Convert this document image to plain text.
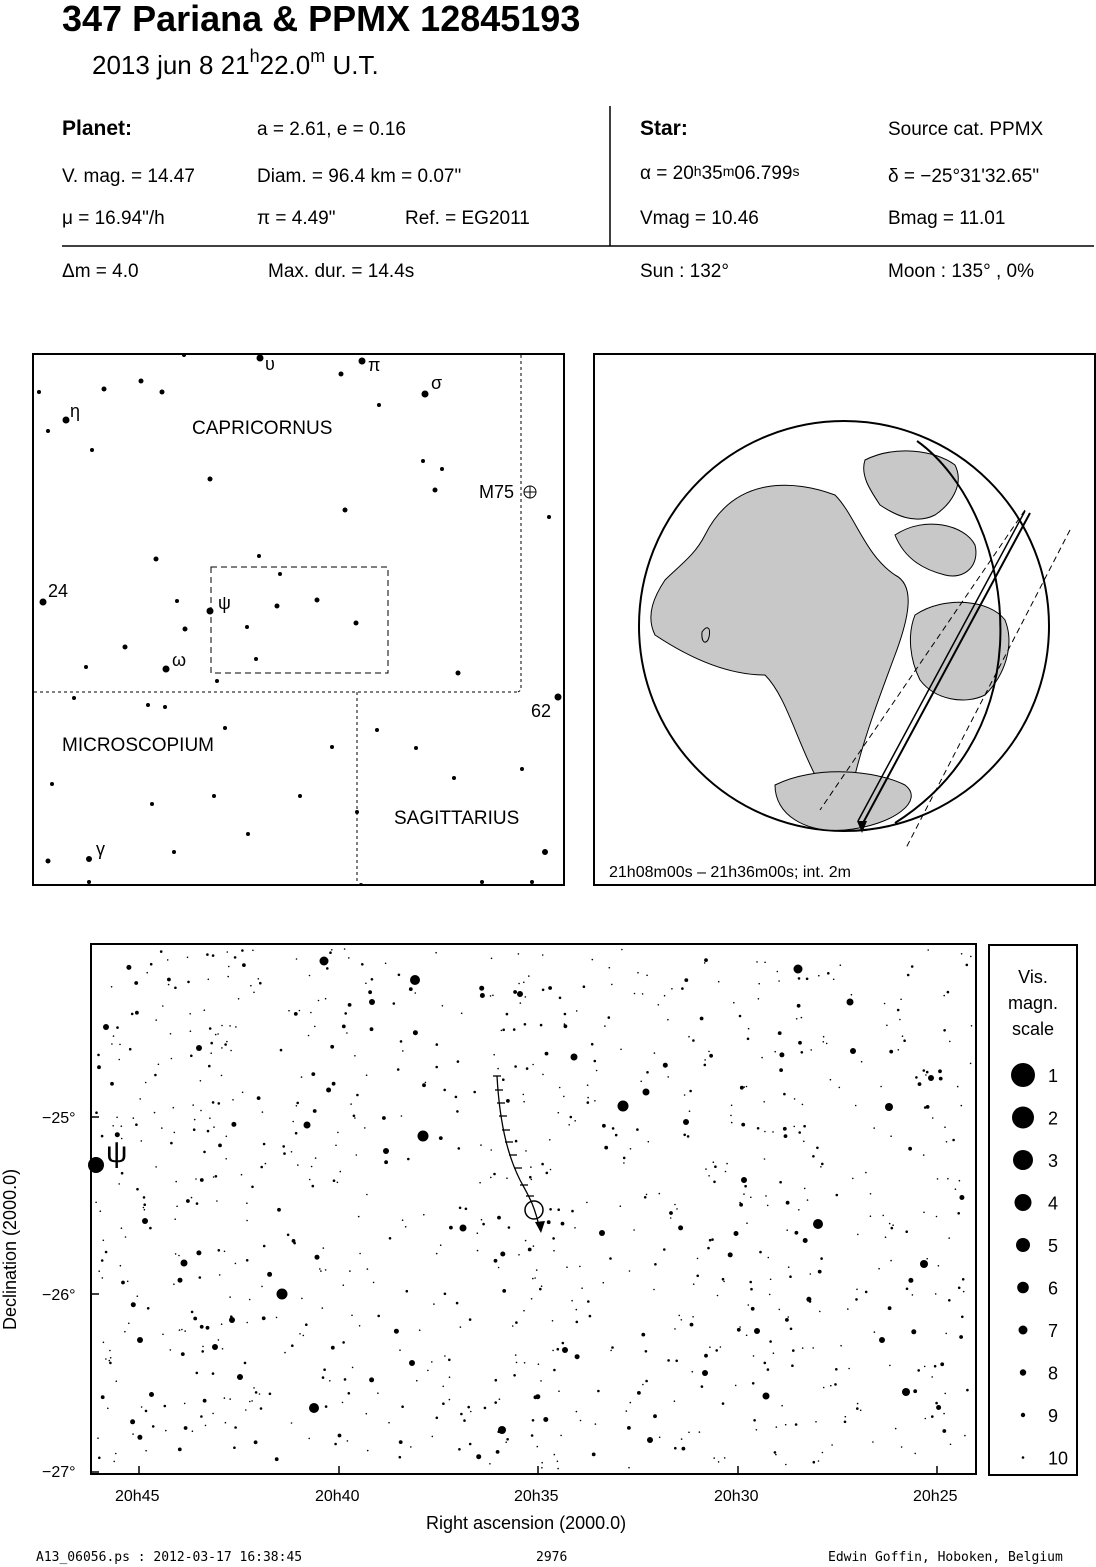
347 Pariana & PPMX 12845193
2013 jun 8 21$^h$22.0$^m$ U.T.
Planet:	a = 2.61, e = 0.16
V. mag. = 14.47	Diam. = 96.4 km = 0.07"
μ = 16.94"/h	π = 4.49"	Ref. = EG2011
Δm = 4.0	Max. dur. = 14.4s
Star:	Source cat. PPMX
$\alpha = 20^h35^m06.799^s$	δ = −25°31'32.65"
Vmag = 10.46	Bmag = 11.01
Sun : 132°	Moon : 135° , 0%
CAPRICORNUS
MICROSCOPIUM
SAGITTARIUS
η
υ	π
σ
ψ
ω
γ
24
62
M75
21h08m00s – 21h36m00s; int. 2m
−25°
−26°
−27°
20h45	20h40	20h35	20h30	20h25
Right ascension (2000.0)
Declination (2000.0)
ψ
Vis.
magn.
scale
1
2
3
4
5
6
7
8
9
10
A13_06056.ps : 2012-03-17 16:38:45	2976	Edwin Goffin, Hoboken, Belgium
